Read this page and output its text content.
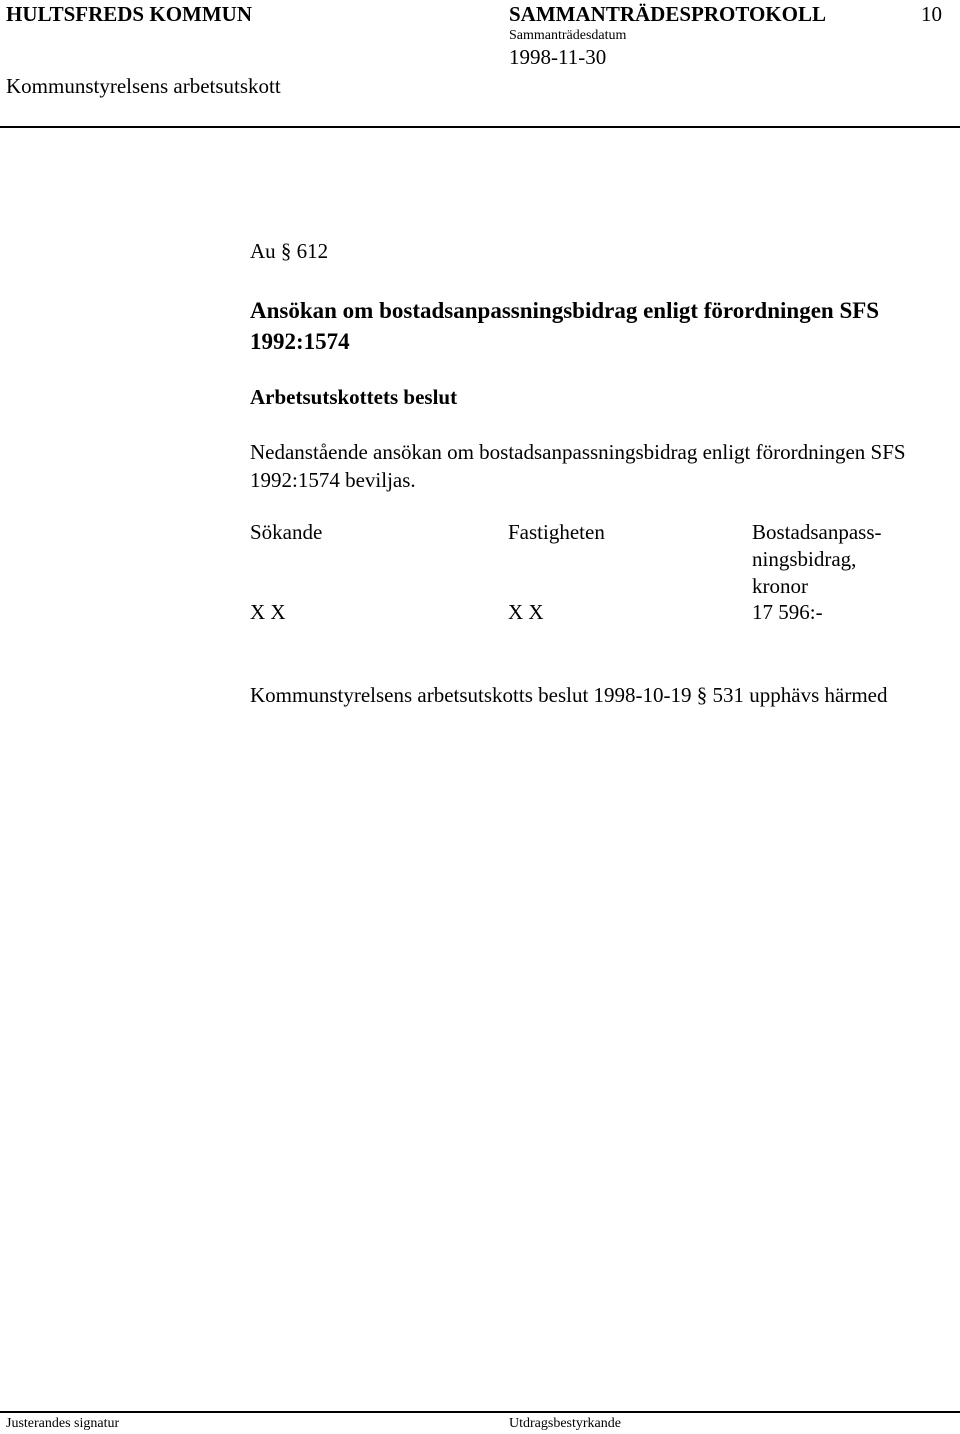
HULTSFREDS KOMMUN	SAMMANTRÄDESPROTOKOLL	10
Sammanträdesdatum
1998-11-30
Kommunstyrelsens arbetsutskott
Au § 612
Ansökan om bostadsanpassningsbidrag enligt förordningen SFS 1992:1574
Arbetsutskottets beslut
Nedanstående ansökan om bostadsanpassningsbidrag enligt förordningen SFS 1992:1574 beviljas.
Sökande	Fastigheten	Bostadsanpass-
ningsbidrag,
kronor
X X	X X	17 596:-
Kommunstyrelsens arbetsutskotts beslut 1998-10-19 § 531 upphävs härmed
Justerandes signatur	Utdragsbestyrkande
